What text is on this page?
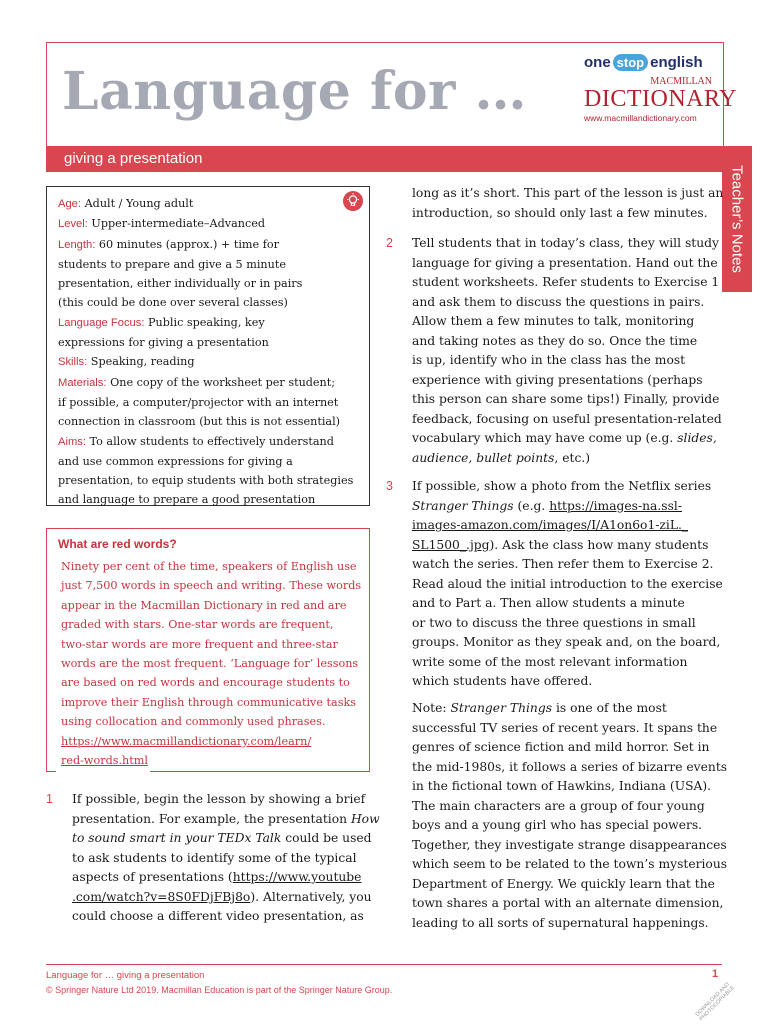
Language for …	one stop english
MACMILLAN
DICTIONARY
www.macmillandictionary.com
giving a presentation
Teacher’s Notes
Age: Adult / Young adult
Level: Upper-intermediate–Advanced
Length: 60 minutes (approx.) + time for
students to prepare and give a 5 minute
presentation, either individually or in pairs
(this could be done over several classes)
Language Focus: Public speaking, key
expressions for giving a presentation
Skills: Speaking, reading
Materials: One copy of the worksheet per student;
if possible, a computer/projector with an internet
connection in classroom (but this is not essential)
Aims: To allow students to effectively understand
and use common expressions for giving a
presentation, to equip students with both strategies
and language to prepare a good presentation
What are red words?
Ninety per cent of the time, speakers of English use
just 7,500 words in speech and writing. These words
appear in the Macmillan Dictionary in red and are
graded with stars. One-star words are frequent,
two-star words are more frequent and three-star
words are the most frequent. ‘Language for’ lessons
are based on red words and encourage students to
improve their English through communicative tasks
using collocation and commonly used phrases.
https://www.macmillandictionary.com/learn/
red-words.html
1 If possible, begin the lesson by showing a brief
presentation. For example, the presentation How
to sound smart in your TEDx Talk could be used
to ask students to identify some of the typical
aspects of presentations (https://www.youtube
.com/watch?v=8S0FDjFBj8o). Alternatively, you
could choose a different video presentation, as
long as it’s short. This part of the lesson is just an
introduction, so should only last a few minutes.
2 Tell students that in today’s class, they will study
language for giving a presentation. Hand out the
student worksheets. Refer students to Exercise 1
and ask them to discuss the questions in pairs.
Allow them a few minutes to talk, monitoring
and taking notes as they do so. Once the time
is up, identify who in the class has the most
experience with giving presentations (perhaps
this person can share some tips!) Finally, provide
feedback, focusing on useful presentation-related
vocabulary which may have come up (e.g. slides,
audience, bullet points, etc.)
3 If possible, show a photo from the Netflix series
Stranger Things (e.g. https://images-na.ssl-
images-amazon.com/images/I/A1on6o1-ziL._
SL1500_.jpg). Ask the class how many students
watch the series. Then refer them to Exercise 2.
Read aloud the initial introduction to the exercise
and to Part a. Then allow students a minute
or two to discuss the three questions in small
groups. Monitor as they speak and, on the board,
write some of the most relevant information
which students have offered.
Note: Stranger Things is one of the most
successful TV series of recent years. It spans the
genres of science fiction and mild horror. Set in
the mid-1980s, it follows a series of bizarre events
in the fictional town of Hawkins, Indiana (USA).
The main characters are a group of four young
boys and a young girl who has special powers.
Together, they investigate strange disappearances
which seem to be related to the town’s mysterious
Department of Energy. We quickly learn that the
town shares a portal with an alternate dimension,
leading to all sorts of supernatural happenings.
Language for … giving a presentation
© Springer Nature Ltd 2019. Macmillan Education is part of the Springer Nature Group.
1
DOWNLOAD AND PHOTOCOPIABLE
